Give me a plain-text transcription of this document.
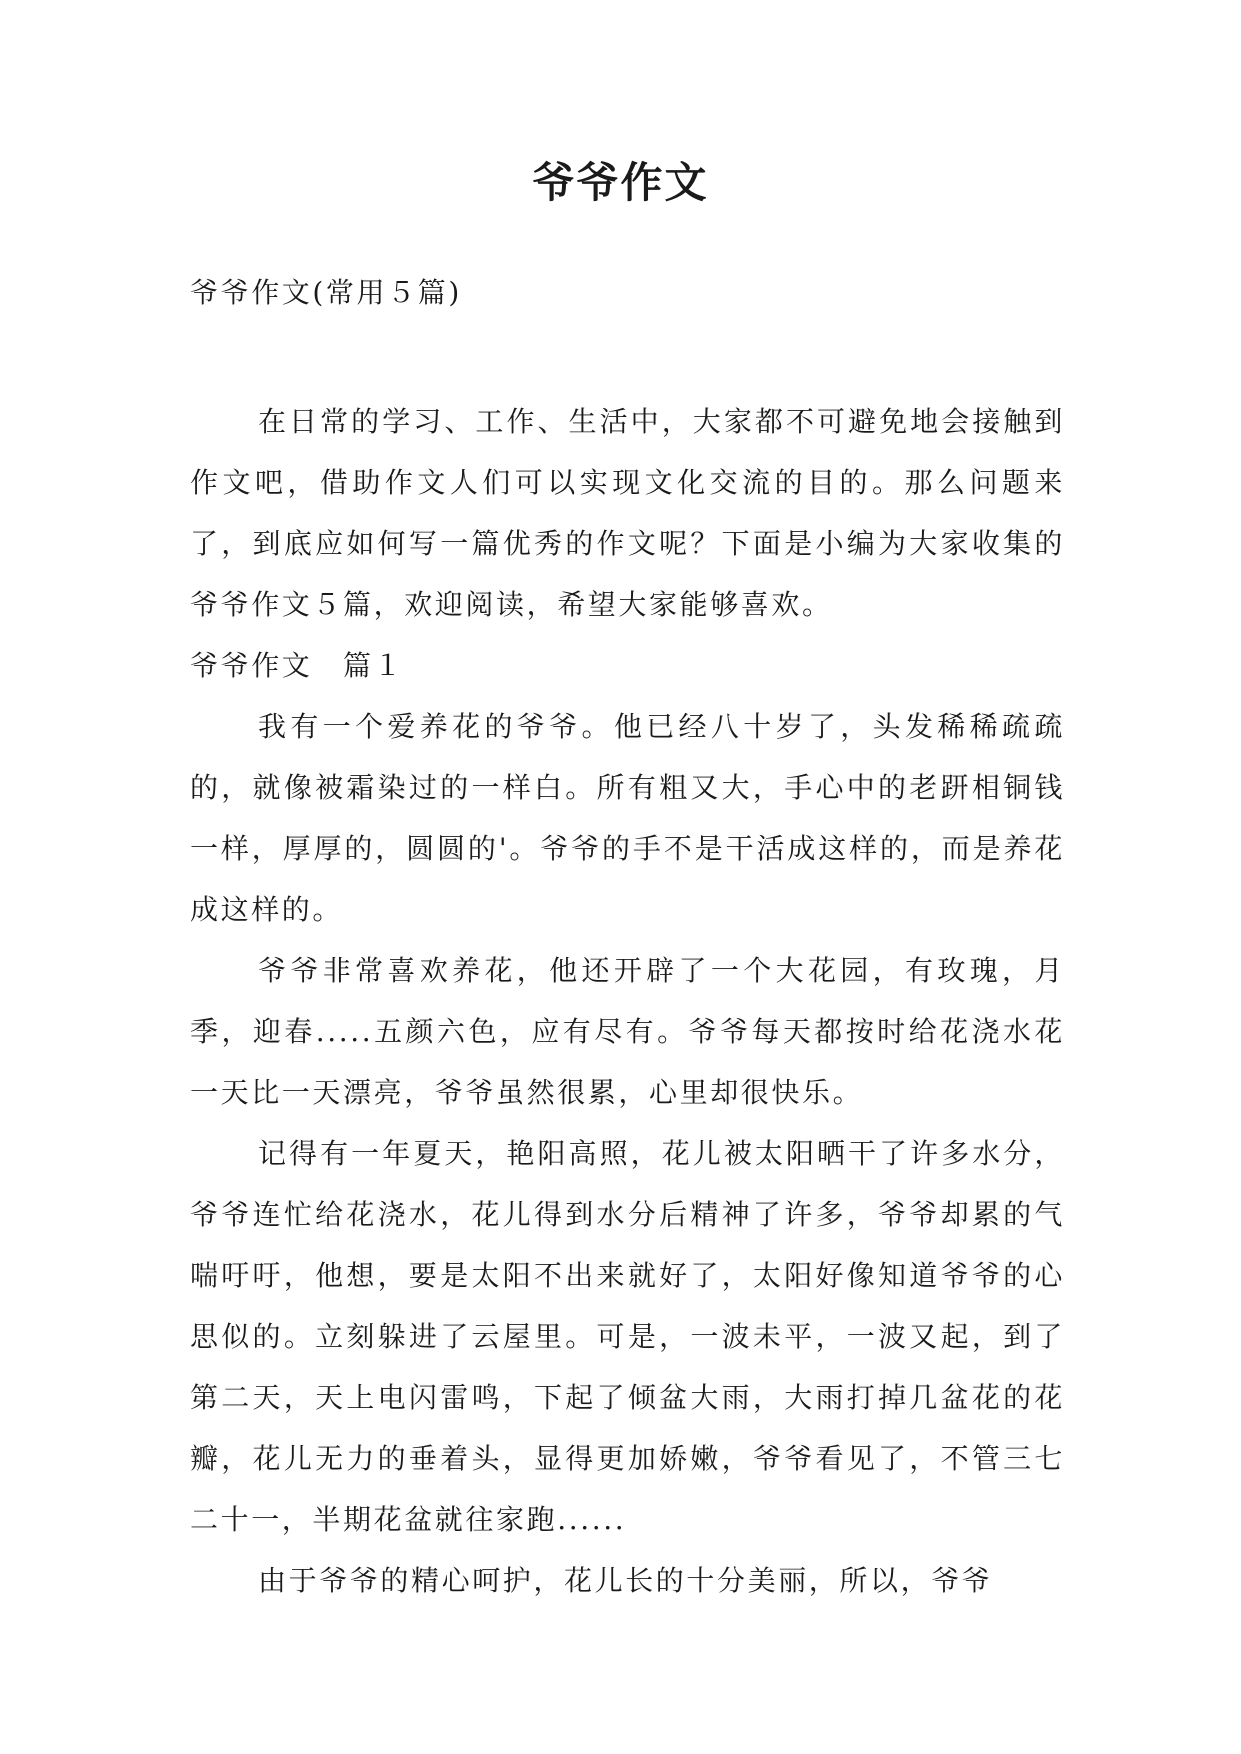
爷爷作文

爷爷作文(常用５篇)

在日常的学习、工作、生活中，大家都不可避免地会接触到作文吧，借助作文人们可以实现文化交流的目的。那么问题来了，到底应如何写一篇优秀的作文呢？下面是小编为大家收集的爷爷作文５篇，欢迎阅读，希望大家能够喜欢。

爷爷作文　篇１

我有一个爱养花的爷爷。他已经八十岁了，头发稀稀疏疏的，就像被霜染过的一样白。所有粗又大，手心中的老趼相铜钱一样，厚厚的，圆圆的'。爷爷的手不是干活成这样的，而是养花成这样的。

爷爷非常喜欢养花，他还开辟了一个大花园，有玫瑰，月季，迎春.....五颜六色，应有尽有。爷爷每天都按时给花浇水花一天比一天漂亮，爷爷虽然很累，心里却很快乐。

记得有一年夏天，艳阳高照，花儿被太阳晒干了许多水分，爷爷连忙给花浇水，花儿得到水分后精神了许多，爷爷却累的气喘吁吁，他想，要是太阳不出来就好了，太阳好像知道爷爷的心思似的。立刻躲进了云屋里。可是，一波未平，一波又起，到了第二天，天上电闪雷鸣，下起了倾盆大雨，大雨打掉几盆花的花瓣，花儿无力的垂着头，显得更加娇嫩，爷爷看见了，不管三七二十一，半期花盆就往家跑......

由于爷爷的精心呵护，花儿长的十分美丽，所以，爷爷
